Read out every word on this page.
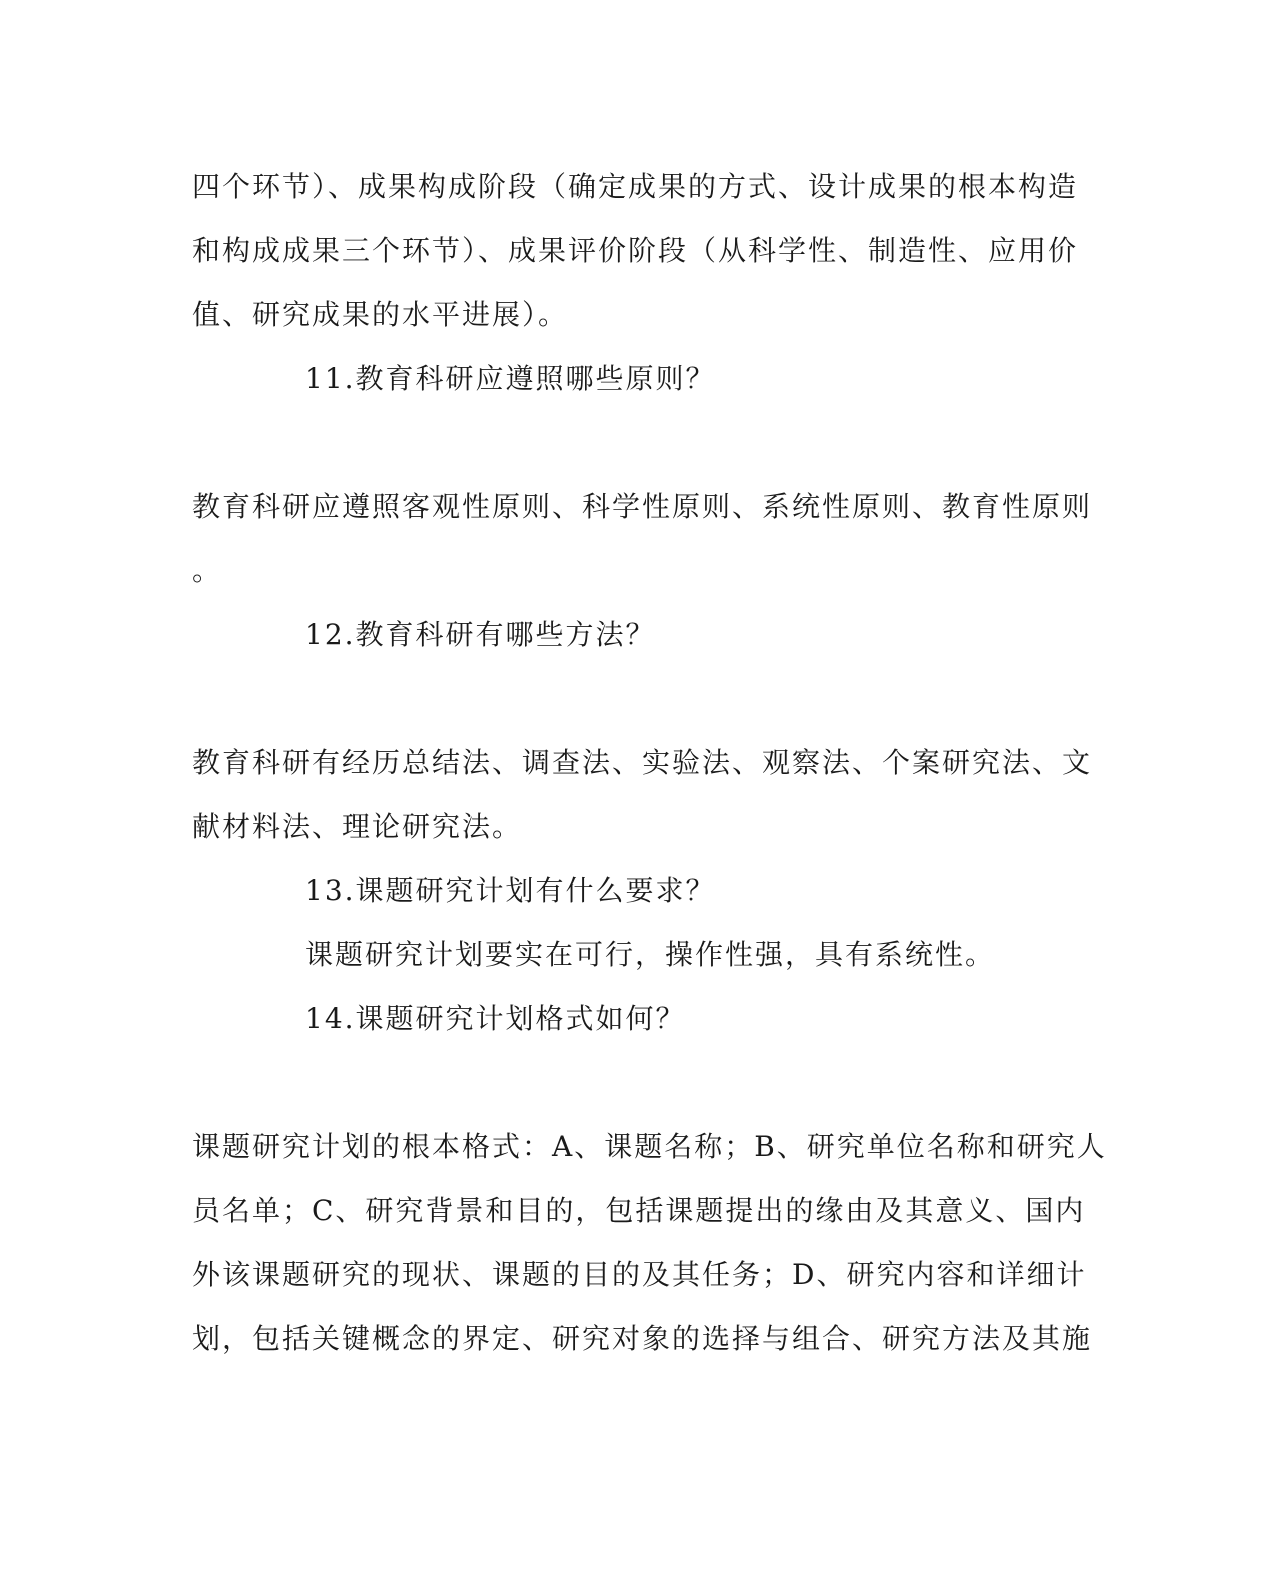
四个环节）、成果构成阶段（确定成果的方式、设计成果的根本构造
和构成成果三个环节）、成果评价阶段（从科学性、制造性、应用价
值、研究成果的水平进展）。
11.教育科研应遵照哪些原则？
教育科研应遵照客观性原则、科学性原则、系统性原则、教育性原则
。
12.教育科研有哪些方法？
教育科研有经历总结法、调查法、实验法、观察法、个案研究法、文
献材料法、理论研究法。
13.课题研究计划有什么要求？
课题研究计划要实在可行，操作性强，具有系统性。
14.课题研究计划格式如何？
课题研究计划的根本格式：A、课题名称；B、研究单位名称和研究人
员名单；C、研究背景和目的，包括课题提出的缘由及其意义、国内
外该课题研究的现状、课题的目的及其任务；D、研究内容和详细计
划，包括关键概念的界定、研究对象的选择与组合、研究方法及其施
